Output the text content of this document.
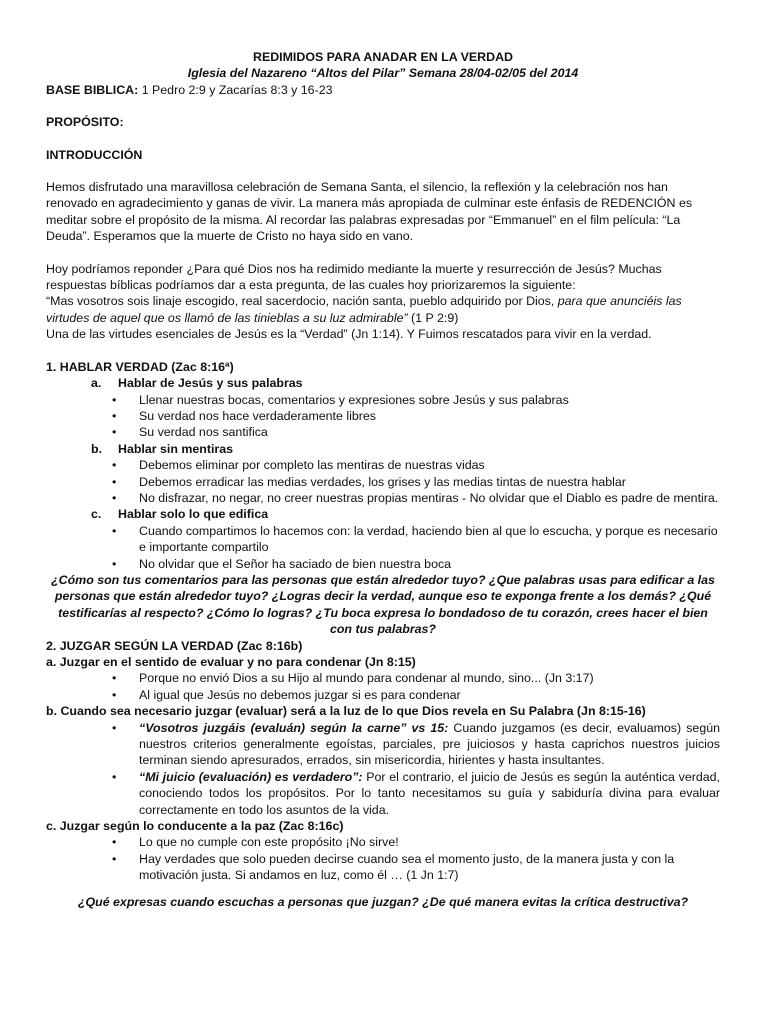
REDIMIDOS PARA ANADAR EN LA VERDAD

Iglesia del Nazareno “Altos del Pilar” Semana 28/04-02/05 del 2014

BASE BIBLICA: 1 Pedro 2:9 y Zacarías 8:3 y 16-23

PROPÓSITO:

INTRODUCCIÓN

Hemos disfrutado una maravillosa celebración de Semana Santa, el silencio, la reflexión y la celebración nos han renovado en agradecimiento y ganas de vivir. La manera más apropiada de culminar este énfasis de REDENCIÓN es meditar sobre el propósito de la misma. Al recordar las palabras expresadas por “Emmanuel” en el film película: “La Deuda”. Esperamos que la muerte de Cristo no haya sido en vano.

Hoy podríamos reponder ¿Para qué Dios nos ha redimido mediante la muerte y resurrección de Jesús? Muchas respuestas bíblicas podríamos dar a esta pregunta, de las cuales hoy priorizaremos la siguiente:

“Mas vosotros sois linaje escogido, real sacerdocio, nación santa, pueblo adquirido por Dios, para que anunciéis las virtudes de aquel que os llamó de las tinieblas a su luz admirable” (1 P 2:9)

Una de las virtudes esenciales de Jesús es la “Verdad” (Jn 1:14). Y Fuimos rescatados para vivir en la verdad.

1. HABLAR VERDAD (Zac 8:16ª)

a.	Hablar de Jesús y sus palabras
•	Llenar nuestras bocas, comentarios y expresiones sobre Jesús y sus palabras
•	Su verdad nos hace verdaderamente libres
•	Su verdad nos santifica
b.	Hablar sin mentiras
•	Debemos eliminar por completo las mentiras de nuestras vidas
•	Debemos erradicar las medias verdades, los grises y las medias tintas de nuestra hablar
•	No disfrazar, no negar, no creer nuestras propias mentiras - No olvidar que el Diablo es padre de mentira.
c.	Hablar solo lo que edifica
•	Cuando compartimos lo hacemos con: la verdad, haciendo bien al que lo escucha, y porque es necesario e importante compartilo
•	No olvidar que el Señor ha saciado de bien nuestra boca

¿Cómo son tus comentarios para las personas que están alrededor tuyo? ¿Que palabras usas para edificar a las personas que están alrededor tuyo? ¿Logras decir la verdad, aunque eso te exponga frente a los demás? ¿Qué testificarías al respecto? ¿Cómo lo logras? ¿Tu boca expresa lo bondadoso de tu corazón, crees hacer el bien con tus palabras?

2. JUZGAR SEGÚN LA VERDAD (Zac 8:16b)

a. Juzgar en el sentido de evaluar y no para condenar (Jn 8:15)

•	Porque no envió Dios a su Hijo al mundo para condenar al mundo, sino... (Jn 3:17)
•	Al igual que Jesús no debemos juzgar si es para condenar

b. Cuando sea necesario juzgar (evaluar) será a la luz de lo que Dios revela en Su Palabra (Jn 8:15-16)

•	“Vosotros juzgáis (evaluán) según la carne” vs 15: Cuando juzgamos (es decir, evaluamos) según nuestros criterios generalmente egoístas, parciales, pre juiciosos y hasta caprichos nuestros juicios terminan siendo apresurados, errados, sin misericordia, hirientes y hasta insultantes.
•	“Mi juicio (evaluación) es verdadero”: Por el contrario, el juicio de Jesús es según la auténtica verdad, conociendo todos los propósitos. Por lo tanto necesitamos su guía y sabiduría divina para evaluar correctamente en todo los asuntos de la vida.

c. Juzgar según lo conducente a la paz (Zac 8:16c)

•	Lo que no cumple con este propósito ¡No sirve!
•	Hay verdades que solo pueden decirse cuando sea el momento justo, de la manera justa y con la motivación justa. Si andamos en luz, como él … (1 Jn 1:7)

¿Qué expresas cuando escuchas a personas que juzgan? ¿De qué manera evitas la crítica destructiva?
